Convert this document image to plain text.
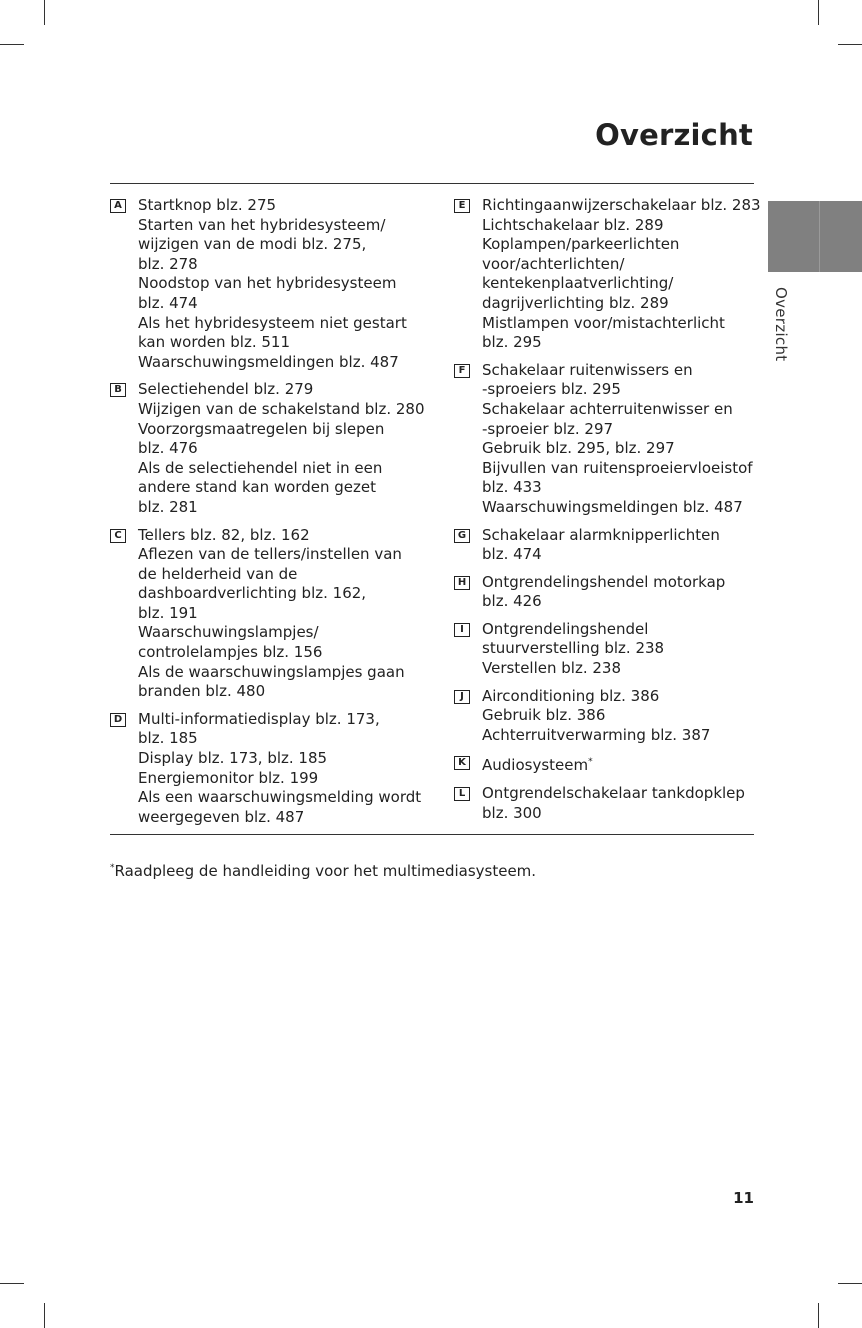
Overzicht
Overzicht
A Startknop blz. 275
Starten van het hybridesysteem/
wijzigen van de modi blz. 275,
blz. 278
Noodstop van het hybridesysteem
blz. 474
Als het hybridesysteem niet gestart
kan worden blz. 511
Waarschuwingsmeldingen blz. 487
B Selectiehendel blz. 279
Wijzigen van de schakelstand blz. 280
Voorzorgsmaatregelen bij slepen
blz. 476
Als de selectiehendel niet in een
andere stand kan worden gezet
blz. 281
C Tellers blz. 82, blz. 162
Aflezen van de tellers/instellen van
de helderheid van de
dashboardverlichting blz. 162,
blz. 191
Waarschuwingslampjes/
controlelampjes blz. 156
Als de waarschuwingslampjes gaan
branden blz. 480
D Multi-informatiedisplay blz. 173,
blz. 185
Display blz. 173, blz. 185
Energiemonitor blz. 199
Als een waarschuwingsmelding wordt
weergegeven blz. 487
E	Richtingaanwijzerschakelaar blz. 283
Lichtschakelaar blz. 289
Koplampen/parkeerlichten
voor/achterlichten/
kentekenplaatverlichting/
dagrijverlichting blz. 289
Mistlampen voor/mistachterlicht
blz. 295
F	Schakelaar ruitenwissers en
-sproeiers blz. 295
Schakelaar achterruitenwisser en
-sproeier blz. 297
Gebruik blz. 295, blz. 297
Bijvullen van ruitensproeiervloeistof
blz. 433
Waarschuwingsmeldingen blz. 487
G Schakelaar alarmknipperlichten
blz. 474
H Ontgrendelingshendel motorkap
blz. 426
I	Ontgrendelingshendel
stuurverstelling blz. 238
Verstellen blz. 238
J	Airconditioning blz. 386
Gebruik blz. 386
Achterruitverwarming blz. 387
K Audiosysteem*
L	Ontgrendelschakelaar tankdopklep
blz. 300
*Raadpleeg de handleiding voor het multimediasysteem.
11
